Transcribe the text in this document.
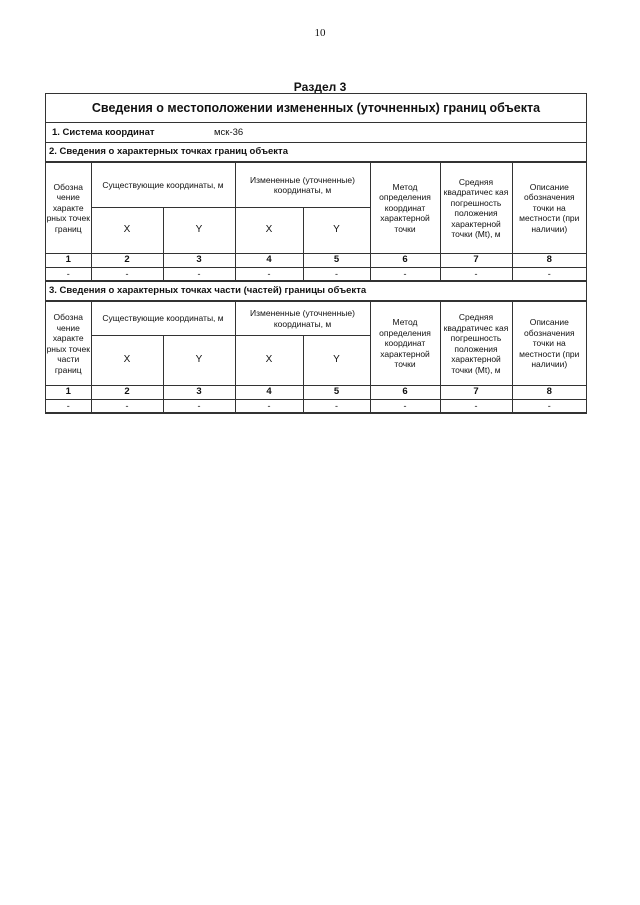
10
Раздел 3
Сведения о местоположении измененных (уточненных) границ объекта
1. Система координат	мск-36
2. Сведения о характерных точках границ объекта
Обозна чение характе рных точек границ	Существующие координаты, м		Измененные (уточненные) координаты, м		Метод определения координат характерной точки	Средняя квадратичес кая погрешность положения характерной точки (Mt), м	Описание обозначения точки на местности (при наличии)
	X	Y	X	Y			
1	2	3	4	5	6	7	8
-	-	-	-	-	-	-	-
3. Сведения о характерных точках части (частей) границы объекта
Обозна чение характе рных точек части границ	Существующие координаты, м		Измененные (уточненные) координаты, м		Метод определения координат характерной точки	Средняя квадратичес кая погрешность положения характерной точки (Mt), м	Описание обозначения точки на местности (при наличии)
	X	Y	X	Y			
1	2	3	4	5	6	7	8
-	-	-	-	-	-	-	-
